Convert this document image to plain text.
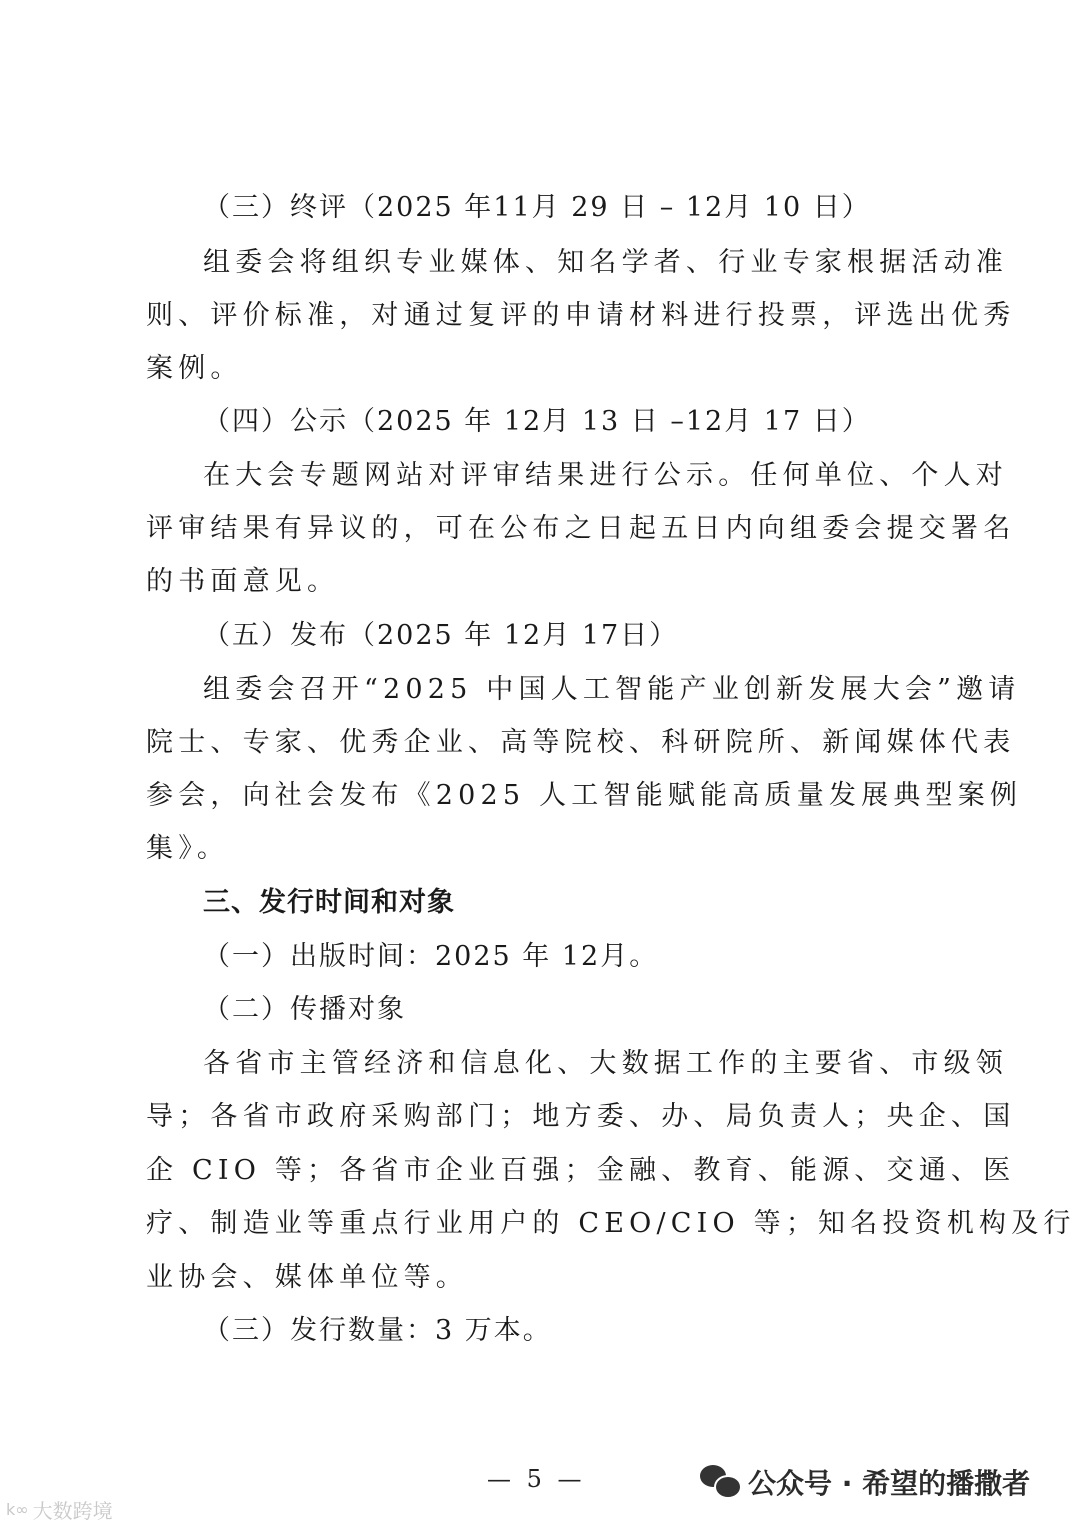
（三）终评（2025 年11月 29 日 – 12月 10 日）
组委会将组织专业媒体、知名学者、行业专家根据活动准
则、评价标准，对通过复评的申请材料进行投票，评选出优秀
案例。
（四）公示（2025 年 12月 13 日 –12月 17 日）
在大会专题网站对评审结果进行公示。任何单位、个人对
评审结果有异议的，可在公布之日起五日内向组委会提交署名
的书面意见。
（五）发布（2025 年 12月 17日）
组委会召开“2025 中国人工智能产业创新发展大会”邀请
院士、专家、优秀企业、高等院校、科研院所、新闻媒体代表
参会，向社会发布《2025 人工智能赋能高质量发展典型案例
集》。
三、发行时间和对象
（一）出版时间：2025 年 12月。
（二）传播对象
各省市主管经济和信息化、大数据工作的主要省、市级领
导；各省市政府采购部门；地方委、办、局负责人；央企、国
企 CIO 等；各省市企业百强；金融、教育、能源、交通、医
疗、制造业等重点行业用户的 CEO/CIO 等；知名投资机构及行
业协会、媒体单位等。
（三）发行数量：3 万本。
— 5 —
k∞ 大数跨境
公众号 · 希望的播撒者
